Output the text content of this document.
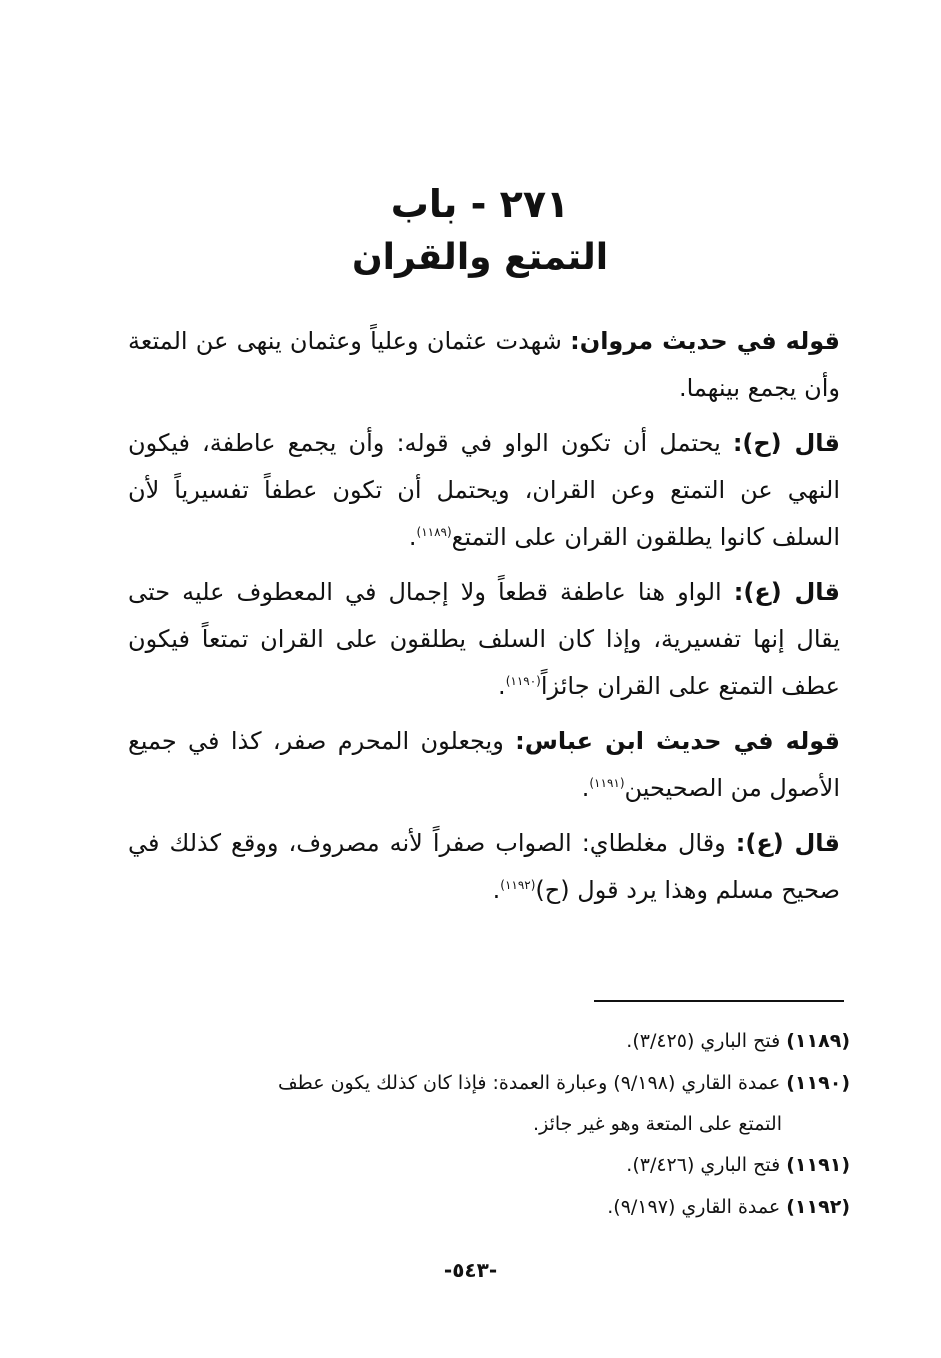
٢٧١ - باب
التمتع والقران

قوله في حديث مروان: شهدت عثمان وعلياً وعثمان ينهى عن المتعة وأن يجمع بينهما.

قال (ح): يحتمل أن تكون الواو في قوله: وأن يجمع عاطفة، فيكون النهي عن التمتع وعن القران، ويحتمل أن تكون عطفاً تفسيرياً لأن السلف كانوا يطلقون القران على التمتع$^{(١١٨٩)}$.

قال (ع): الواو هنا عاطفة قطعاً ولا إجمال في المعطوف عليه حتى يقال إنها تفسيرية، وإذا كان السلف يطلقون على القران تمتعاً فيكون عطف التمتع على القران جائزاً$^{(١١٩٠)}$.

قوله في حديث ابن عباس: ويجعلون المحرم صفر، كذا في جميع الأصول من الصحيحين$^{(١١٩١)}$.

قال (ع): وقال مغلطاي: الصواب صفراً لأنه مصروف، ووقع كذلك في صحيح مسلم وهذا يرد قول (ح)$^{(١١٩٢)}$.

(١١٨٩) فتح الباري (٣/٤٢٥).

(١١٩٠) عمدة القاري (٩/١٩٨) وعبارة العمدة: فإذا كان كذلك يكون عطف

التمتع على المتعة وهو غير جائز.

(١١٩١) فتح الباري (٣/٤٢٦).

(١١٩٢) عمدة القاري (٩/١٩٧).

-٥٤٣-
